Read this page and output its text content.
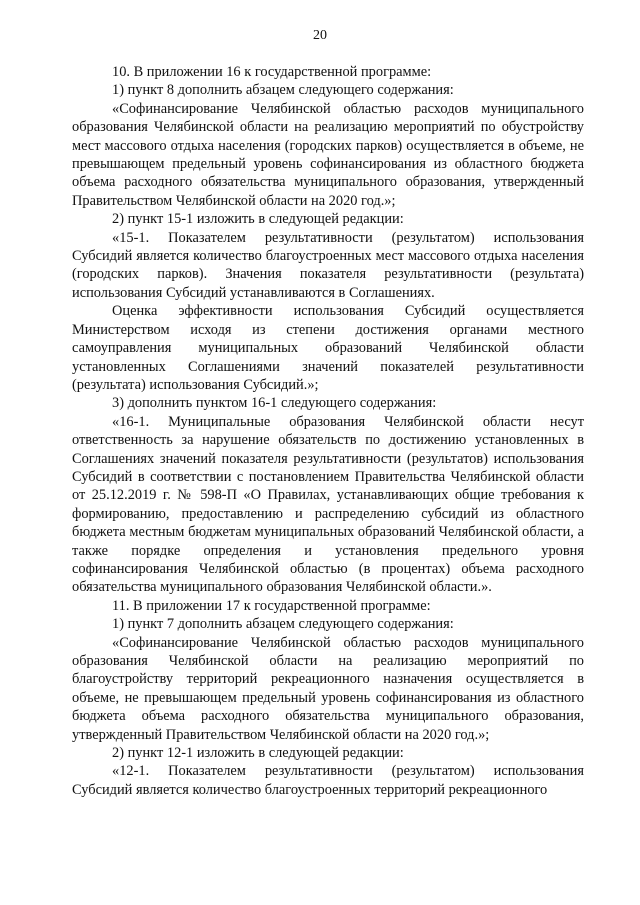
20

10. В приложении 16 к государственной программе:

1) пункт 8 дополнить абзацем следующего содержания:

«Софинансирование Челябинской областью расходов муниципального образования Челябинской области на реализацию мероприятий по обустройству мест массового отдыха населения (городских парков) осуществляется в объеме, не превышающем предельный уровень софинансирования из областного бюджета объема расходного обязательства муниципального образования, утвержденный Правительством Челябинской области на 2020 год.»;

2) пункт 15-1 изложить в следующей редакции:

«15-1. Показателем результативности (результатом) использования Субсидий является количество благоустроенных мест массового отдыха населения (городских парков). Значения показателя результативности (результата) использования Субсидий устанавливаются в Соглашениях.

Оценка эффективности использования Субсидий осуществляется Министерством исходя из степени достижения органами местного самоуправления муниципальных образований Челябинской области установленных Соглашениями значений показателей результативности (результата) использования Субсидий.»;

3) дополнить пунктом 16-1 следующего содержания:

«16-1. Муниципальные образования Челябинской области несут ответственность за нарушение обязательств по достижению установленных в Соглашениях значений показателя результативности (результатов) использования Субсидий в соответствии с постановлением Правительства Челябинской области от 25.12.2019 г. № 598-П «О Правилах, устанавливающих общие требования к формированию, предоставлению и распределению субсидий из областного бюджета местным бюджетам муниципальных образований Челябинской области, а также порядке определения и установления предельного уровня софинансирования Челябинской областью (в процентах) объема расходного обязательства муниципального образования Челябинской области.».

11. В приложении 17 к государственной программе:

1) пункт 7 дополнить абзацем следующего содержания:

«Софинансирование Челябинской областью расходов муниципального образования Челябинской области на реализацию мероприятий по благоустройству территорий рекреационного назначения осуществляется в объеме, не превышающем предельный уровень софинансирования из областного бюджета объема расходного обязательства муниципального образования, утвержденный Правительством Челябинской области на 2020 год.»;

2) пункт 12-1 изложить в следующей редакции:

«12-1. Показателем результативности (результатом) использования Субсидий является количество благоустроенных территорий рекреационного
